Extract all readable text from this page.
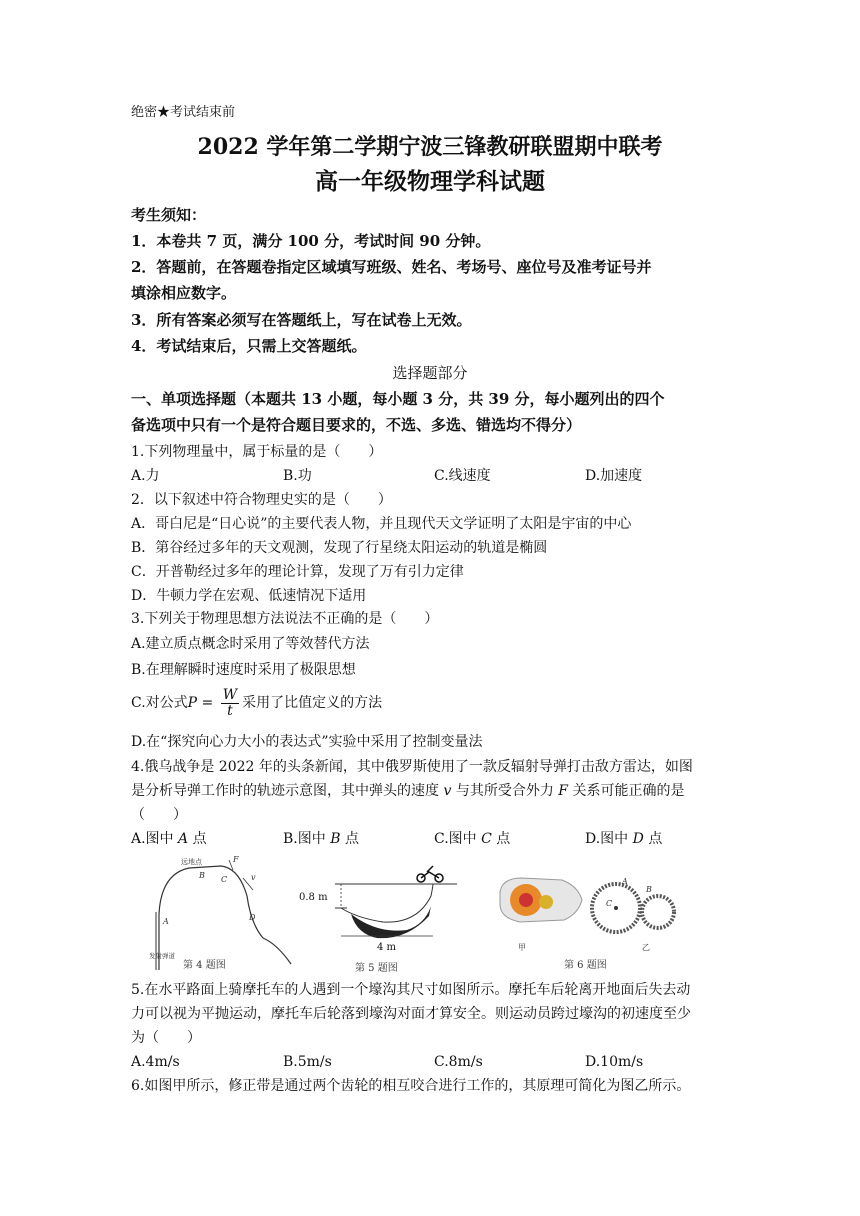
绝密★考试结束前
2022 学年第二学期宁波三锋教研联盟期中联考
高一年级物理学科试题
考生须知：
1．本卷共 7 页，满分 100 分，考试时间 90 分钟。
2．答题前，在答题卷指定区域填写班级、姓名、考场号、座位号及准考证号并
填涂相应数字。
3．所有答案必须写在答题纸上，写在试卷上无效。
4．考试结束后，只需上交答题纸。
选择题部分
一、单项选择题（本题共 13 小题，每小题 3 分，共 39 分，每小题列出的四个
备选项中只有一个是符合题目要求的，不选、多选、错选均不得分）
1.下列物理量中，属于标量的是（　　）
A.力	B.功	C.线速度	D.加速度
2．以下叙述中符合物理史实的是（　　）
A．哥白尼是“日心说”的主要代表人物，并且现代天文学证明了太阳是宇宙的中心
B．第谷经过多年的天文观测，发现了行星绕太阳运动的轨道是椭圆
C．开普勒经过多年的理论计算，发现了万有引力定律
D．牛顿力学在宏观、低速情况下适用
3.下列关于物理思想方法说法不正确的是（　　）
A.建立质点概念时采用了等效替代方法
B.在理解瞬时速度时采用了极限思想
C.对公式$P = \frac{W}{t}$ 采用了比值定义的方法
D.在“探究向心力大小的表达式”实验中采用了控制变量法
4.俄乌战争是 2022 年的头条新闻，其中俄罗斯使用了一款反辐射导弹打击敌方雷达，如图
是分析导弹工作时的轨迹示意图，其中弹头的速度 v 与其所受合外力 F 关系可能正确的是
（　　）
A.图中 A 点	B.图中 B 点	C.图中 C 点	D.图中 D 点
远地点
A
B C
D
F
v
发射弹道
第 4 题图
0.8 m
4 m
第 5 题图
甲
A
B
C
乙
第 6 题图
5.在水平路面上骑摩托车的人遇到一个壕沟其尺寸如图所示。摩托车后轮离开地面后失去动
力可以视为平抛运动，摩托车后轮落到壕沟对面才算安全。则运动员跨过壕沟的初速度至少
为（　　）
A.4m/s	B.5m/s	C.8m/s	D.10m/s
6.如图甲所示，修正带是通过两个齿轮的相互咬合进行工作的，其原理可简化为图乙所示。
